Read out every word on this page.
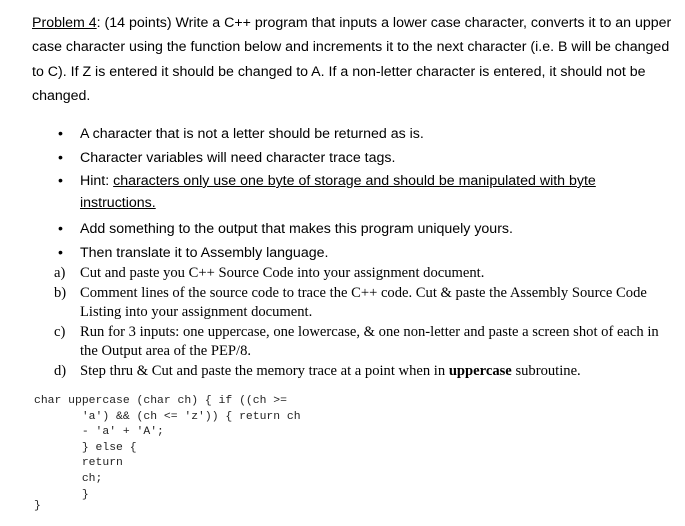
Problem 4: (14 points) Write a C++ program that inputs a lower case character, converts it to an upper case character using the function below and increments it to the next character (i.e. B will be changed to C). If Z is entered it should be changed to A. If a non-letter character is entered, it should not be changed.
• A character that is not a letter should be returned as is.
• Character variables will need character trace tags.
• Hint: characters only use one byte of storage and should be manipulated with byte instructions.
• Add something to the output that makes this program uniquely yours.
• Then translate it to Assembly language.
a) Cut and paste you C++ Source Code into your assignment document.
b) Comment lines of the source code to trace the C++ code. Cut & paste the Assembly Source Code Listing into your assignment document.
c) Run for 3 inputs: one uppercase, one lowercase, & one non-letter and paste a screen shot of each in the Output area of the PEP/8.
d) Step thru & Cut and paste the memory trace at a point when in uppercase subroutine.
char uppercase (char ch) { if ((ch >=
'a') && (ch <= 'z')) { return ch
- 'a' + 'A';
} else {
return
ch;
}
}
